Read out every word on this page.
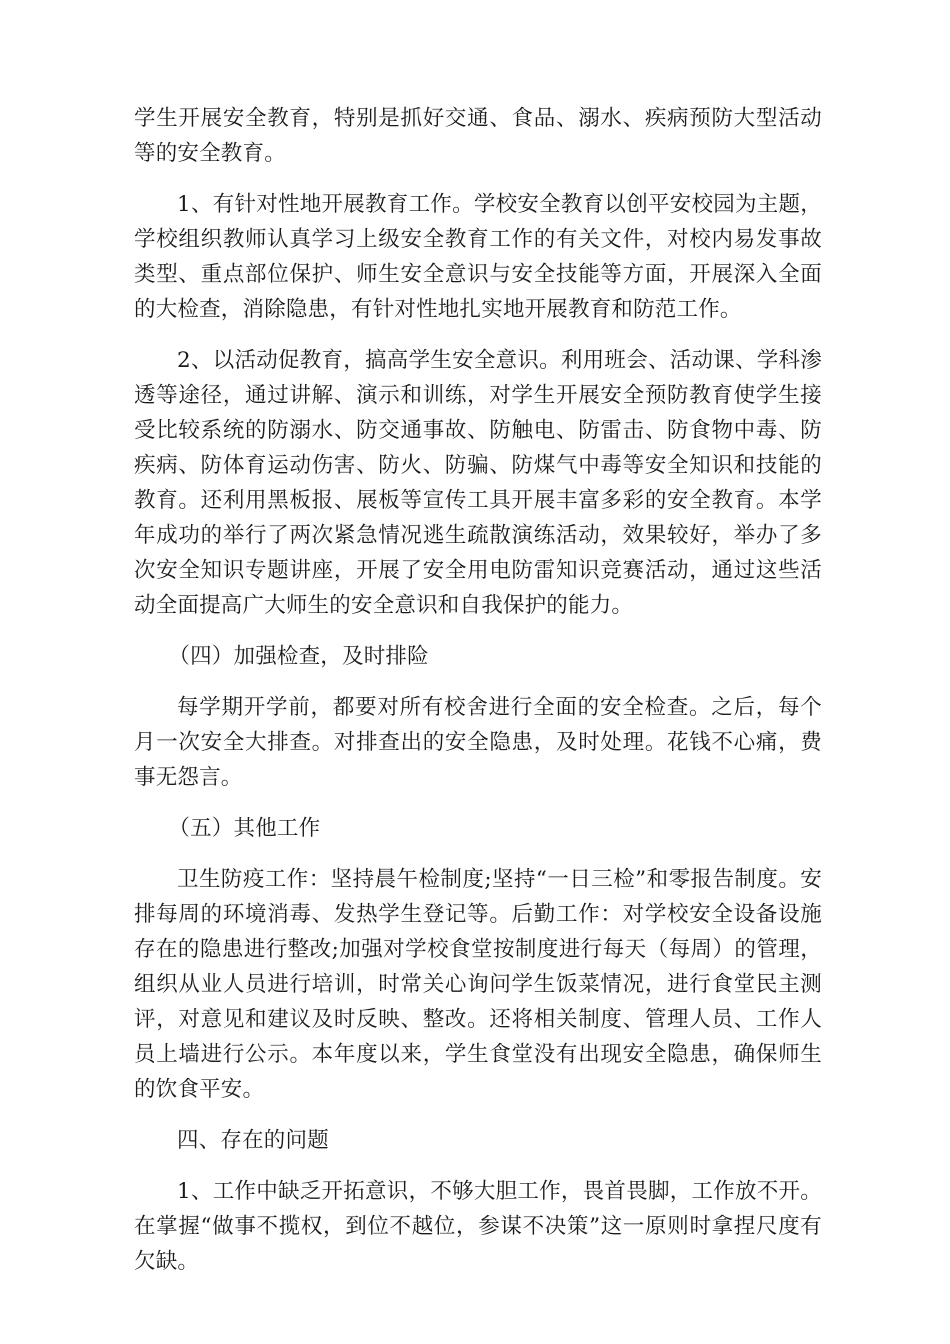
学生开展安全教育，特别是抓好交通、食品、溺水、疾病预防大型活动等的安全教育。

1、有针对性地开展教育工作。学校安全教育以创平安校园为主题，学校组织教师认真学习上级安全教育工作的有关文件，对校内易发事故类型、重点部位保护、师生安全意识与安全技能等方面，开展深入全面的大检查，消除隐患，有针对性地扎实地开展教育和防范工作。

2、以活动促教育，搞高学生安全意识。利用班会、活动课、学科渗透等途径，通过讲解、演示和训练，对学生开展安全预防教育使学生接受比较系统的防溺水、防交通事故、防触电、防雷击、防食物中毒、防疾病、防体育运动伤害、防火、防骗、防煤气中毒等安全知识和技能的教育。还利用黑板报、展板等宣传工具开展丰富多彩的安全教育。本学年成功的举行了两次紧急情况逃生疏散演练活动，效果较好，举办了多次安全知识专题讲座，开展了安全用电防雷知识竞赛活动，通过这些活动全面提高广大师生的安全意识和自我保护的能力。

（四）加强检查，及时排险

每学期开学前，都要对所有校舍进行全面的安全检查。之后，每个月一次安全大排查。对排查出的安全隐患，及时处理。花钱不心痛，费事无怨言。

（五）其他工作

卫生防疫工作：坚持晨午检制度;坚持“一日三检”和零报告制度。安排每周的环境消毒、发热学生登记等。后勤工作：对学校安全设备设施存在的隐患进行整改;加强对学校食堂按制度进行每天（每周）的管理，组织从业人员进行培训，时常关心询问学生饭菜情况，进行食堂民主测评，对意见和建议及时反映、整改。还将相关制度、管理人员、工作人员上墙进行公示。本年度以来，学生食堂没有出现安全隐患，确保师生的饮食平安。

四、存在的问题

1、工作中缺乏开拓意识，不够大胆工作，畏首畏脚，工作放不开。在掌握“做事不揽权，到位不越位，参谋不决策”这一原则时拿捏尺度有欠缺。
